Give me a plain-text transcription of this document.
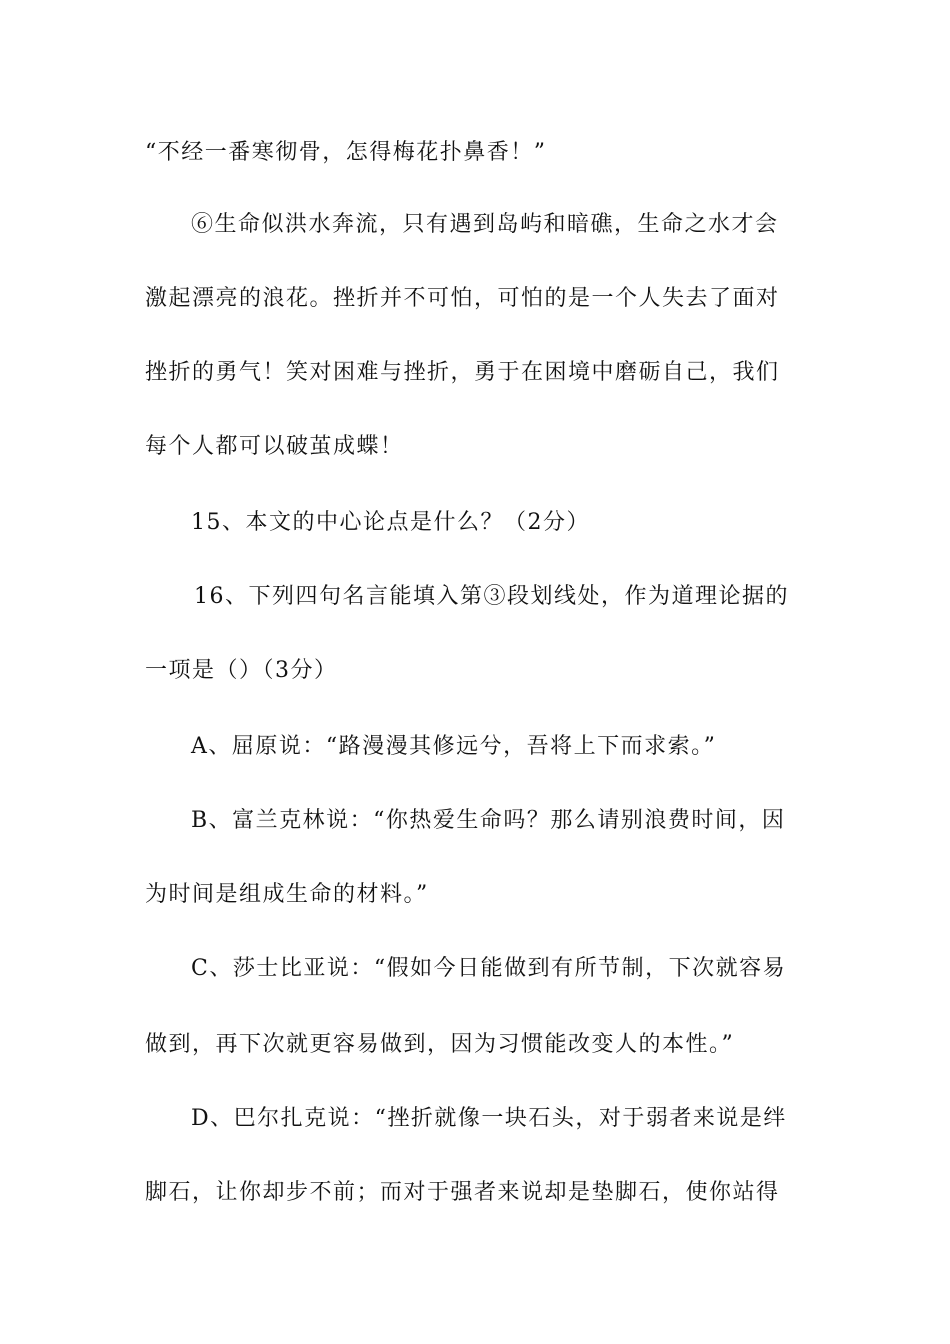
“不经一番寒彻骨，怎得梅花扑鼻香！”
⑥生命似洪水奔流，只有遇到岛屿和暗礁，生命之水才会
激起漂亮的浪花。挫折并不可怕，可怕的是一个人失去了面对
挫折的勇气！笑对困难与挫折，勇于在困境中磨砺自己，我们
每个人都可以破茧成蝶！
15、本文的中心论点是什么？（2分）
16、下列四句名言能填入第③段划线处，作为道理论据的
一项是（）（3分）
A、屈原说：“路漫漫其修远兮，吾将上下而求索。”
B、富兰克林说：“你热爱生命吗？那么请别浪费时间，因
为时间是组成生命的材料。”
C、莎士比亚说：“假如今日能做到有所节制，下次就容易
做到，再下次就更容易做到，因为习惯能改变人的本性。”
D、巴尔扎克说：“挫折就像一块石头，对于弱者来说是绊
脚石，让你却步不前；而对于强者来说却是垫脚石，使你站得
